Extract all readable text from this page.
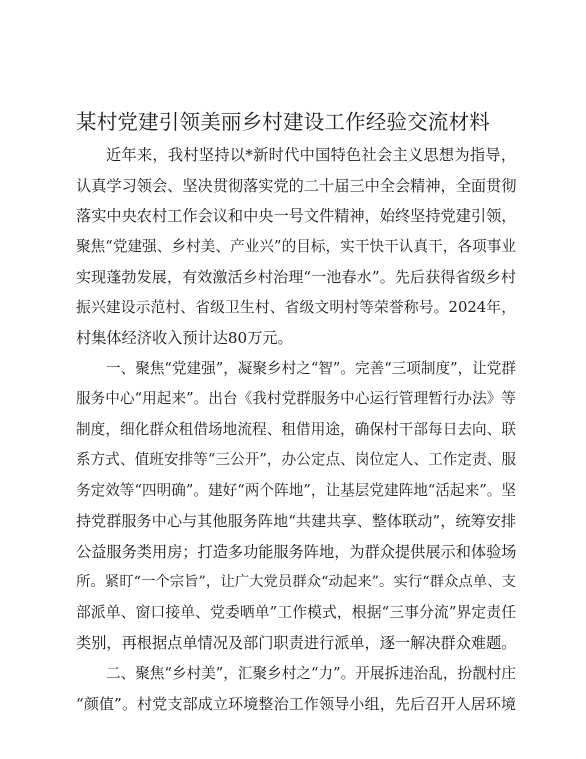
某村党建引领美丽乡村建设工作经验交流材料
近年来，我村坚持以*新时代中国特色社会主义思想为指导，
认真学习领会、坚决贯彻落实党的二十届三中全会精神，全面贯彻
落实中央农村工作会议和中央一号文件精神，始终坚持党建引领，
聚焦“党建强、乡村美、产业兴”的目标，实干快干认真干，各项事业
实现蓬勃发展，有效激活乡村治理“一池春水”。先后获得省级乡村
振兴建设示范村、省级卫生村、省级文明村等荣誉称号。2024年，
村集体经济收入预计达80万元。
一、聚焦“党建强”，凝聚乡村之“智”。完善“三项制度”，让党群
服务中心“用起来”。出台《我村党群服务中心运行管理暂行办法》等
制度，细化群众租借场地流程、租借用途，确保村干部每日去向、联
系方式、值班安排等“三公开”，办公定点、岗位定人、工作定责、服
务定效等“四明确”。建好“两个阵地”，让基层党建阵地“活起来”。坚
持党群服务中心与其他服务阵地“共建共享、整体联动”，统筹安排
公益服务类用房；打造多功能服务阵地，为群众提供展示和体验场
所。紧盯“一个宗旨”，让广大党员群众“动起来”。实行“群众点单、支
部派单、窗口接单、党委晒单”工作模式，根据“三事分流”界定责任
类别，再根据点单情况及部门职责进行派单，逐一解决群众难题。
二、聚焦“乡村美”，汇聚乡村之“力”。开展拆违治乱，扮靓村庄
“颜值”。村党支部成立环境整治工作领导小组，先后召开人居环境
